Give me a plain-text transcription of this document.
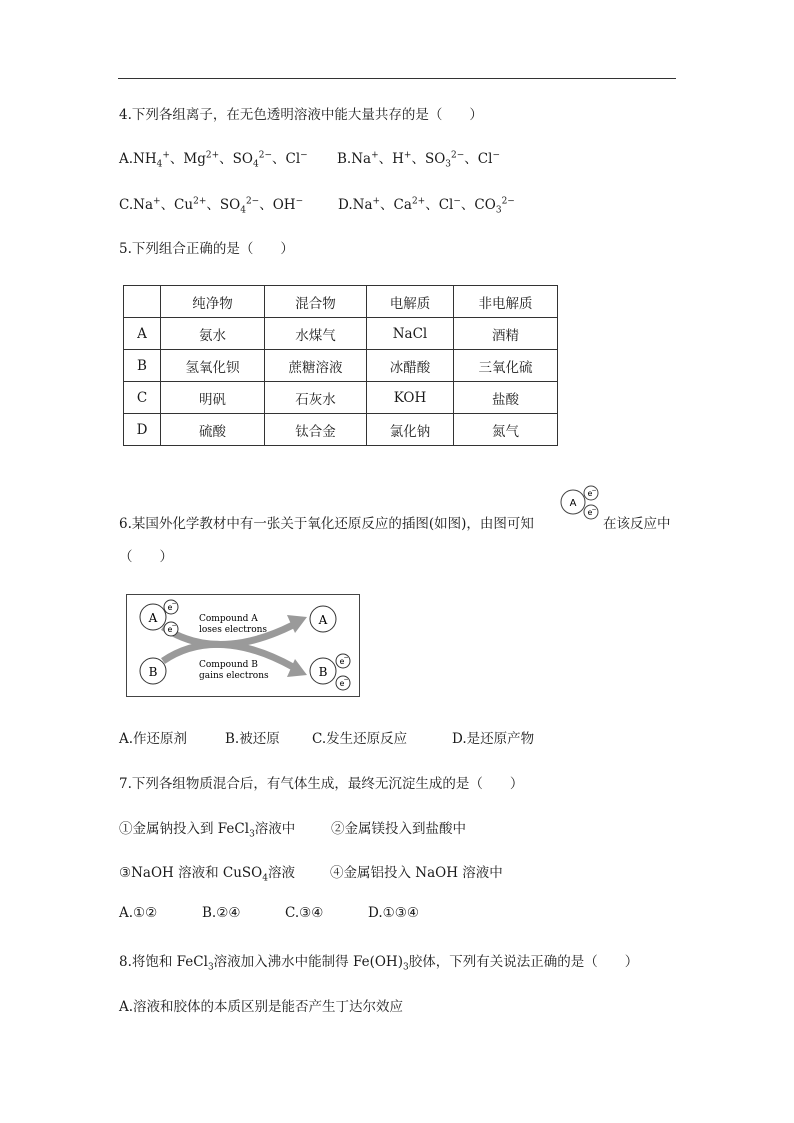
4.下列各组离子，在无色透明溶液中能大量共存的是（　　）
$A.NH_4^+$、$Mg^{2+}$、$SO_4^{2-}$、Cl− B.Na+、H+、$SO_3^{2-}$、Cl−
C.Na+、$Cu^{2+}$、$SO_4^{2-}$、OH−	D.Na+、$Ca^{2+}$、Cl−、$CO_3^{2-}$
5.下列组合正确的是（　　）
	纯净物	混合物	电解质	非电解质
A	氨水	水煤气	NaCl	酒精
B	氢氧化钡	蔗糖溶液	冰醋酸	三氧化硫
C	明矾	石灰水	KOH	盐酸
D	硫酸	钛合金	氯化钠	氮气
6.某国外化学教材中有一张关于氧化还原反应的插图(如图)，由图可知
A
e −
e −
在该反应中
（　　）
A
e −
e −
B
A
B
e −
e −
Compound A
loses electrons
Compound B
gains electrons
A.作还原剂	B.被还原 C.发生还原反应	D.是还原产物
7.下列各组物质混合后，有气体生成，最终无沉淀生成的是（　　）
①金属钠投入到 FeCl$_3$溶液中	②金属镁投入到盐酸中
③NaOH 溶液和 CuSO$_4$溶液	④金属铝投入 NaOH 溶液中
A.①②	B.②④	C.③④	D.①③④
8.将饱和 FeCl$_3$溶液加入沸水中能制得 $Fe(OH)_3$胶体，下列有关说法正确的是（　　）
A.溶液和胶体的本质区别是能否产生丁达尔效应
